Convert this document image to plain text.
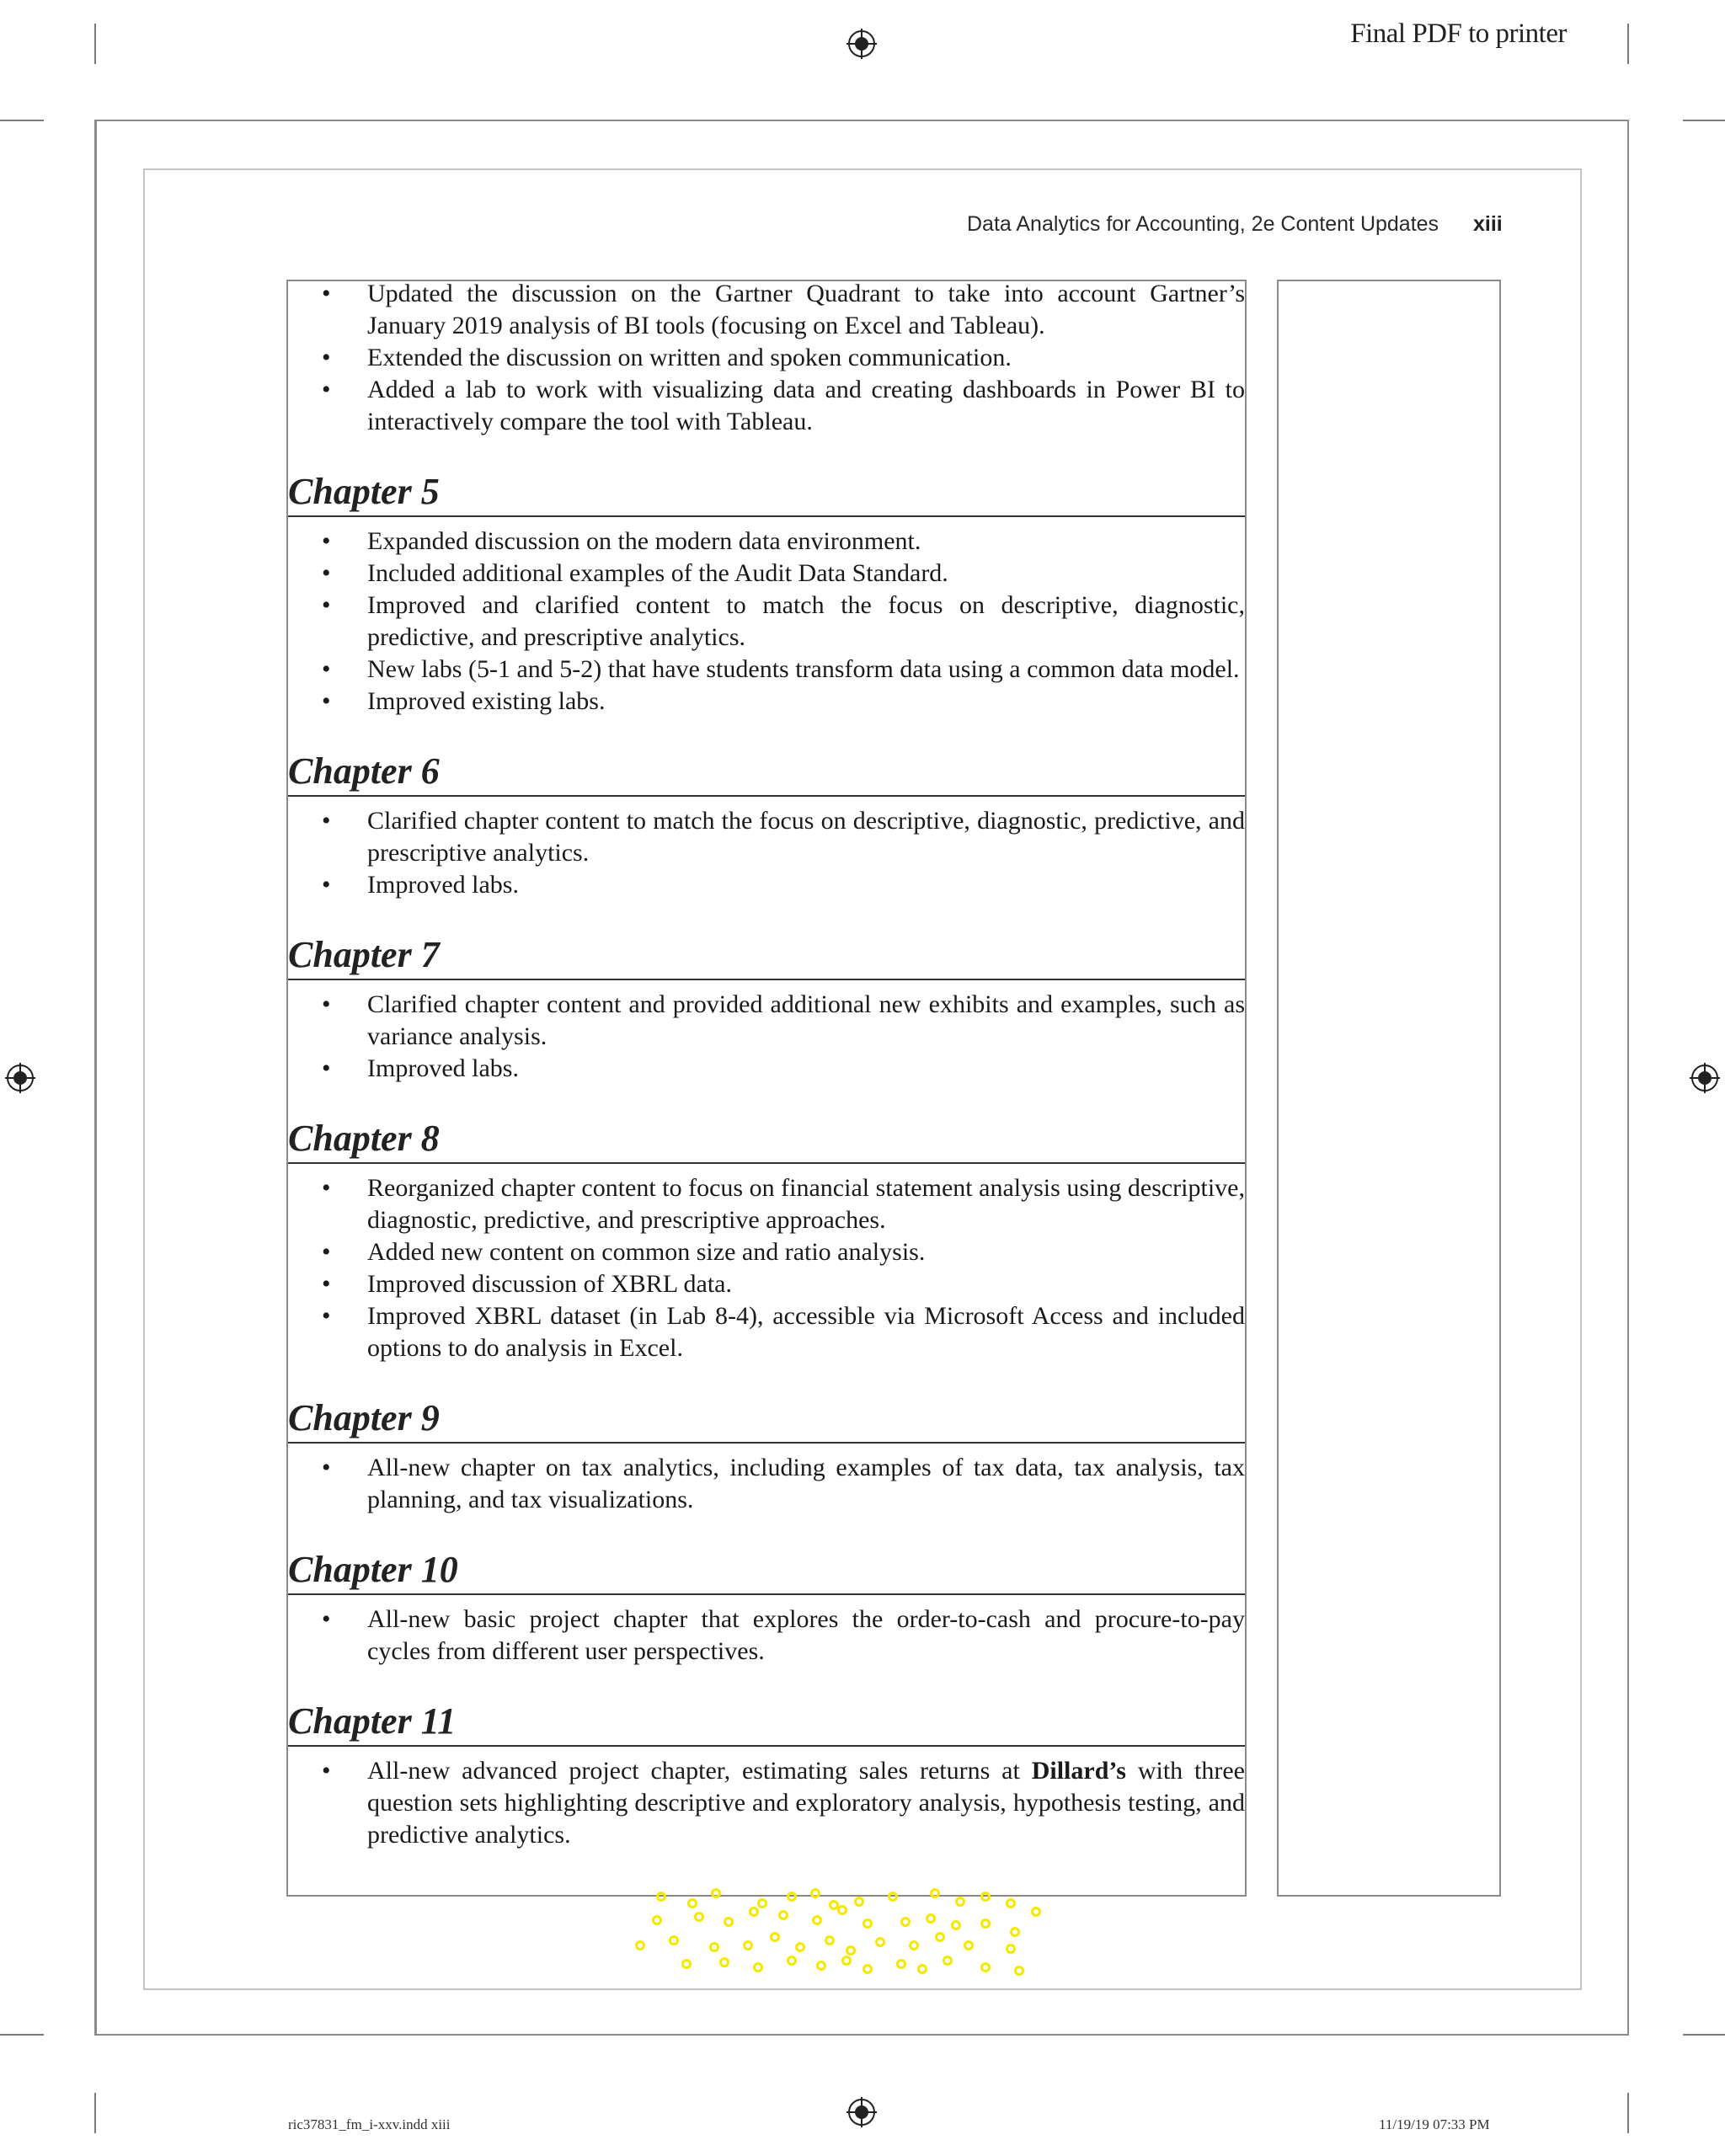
Final PDF to printer
Data Analytics for Accounting, 2e Content Updates xiii
• Updated the discussion on the Gartner Quadrant to take into account Gartner’s January 2019 analysis of BI tools (focusing on Excel and Tableau).
• Extended the discussion on written and spoken communication.
• Added a lab to work with visualizing data and creating dashboards in Power BI to interactively compare the tool with Tableau.
Chapter 5
• Expanded discussion on the modern data environment.
• Included additional examples of the Audit Data Standard.
• Improved and clarified content to match the focus on descriptive, diagnostic, predictive, and prescriptive analytics.
• New labs (5-1 and 5-2) that have students transform data using a common data model.
• Improved existing labs.
Chapter 6
• Clarified chapter content to match the focus on descriptive, diagnostic, predictive, and prescriptive analytics.
• Improved labs.
Chapter 7
• Clarified chapter content and provided additional new exhibits and examples, such as variance analysis.
• Improved labs.
Chapter 8
• Reorganized chapter content to focus on financial statement analysis using descriptive, diagnostic, predictive, and prescriptive approaches.
• Added new content on common size and ratio analysis.
• Improved discussion of XBRL data.
• Improved XBRL dataset (in Lab 8-4), accessible via Microsoft Access and included options to do analysis in Excel.
Chapter 9
• All-new chapter on tax analytics, including examples of tax data, tax analysis, tax planning, and tax visualizations.
Chapter 10
• All-new basic project chapter that explores the order-to-cash and procure-to-pay cycles from different user perspectives.
Chapter 11
• All-new advanced project chapter, estimating sales returns at Dillard’s with three question sets highlighting descriptive and exploratory analysis, hypothesis testing, and predictive analytics.
ric37831_fm_i-xxv.indd xiii	11/19/19 07:33 PM
